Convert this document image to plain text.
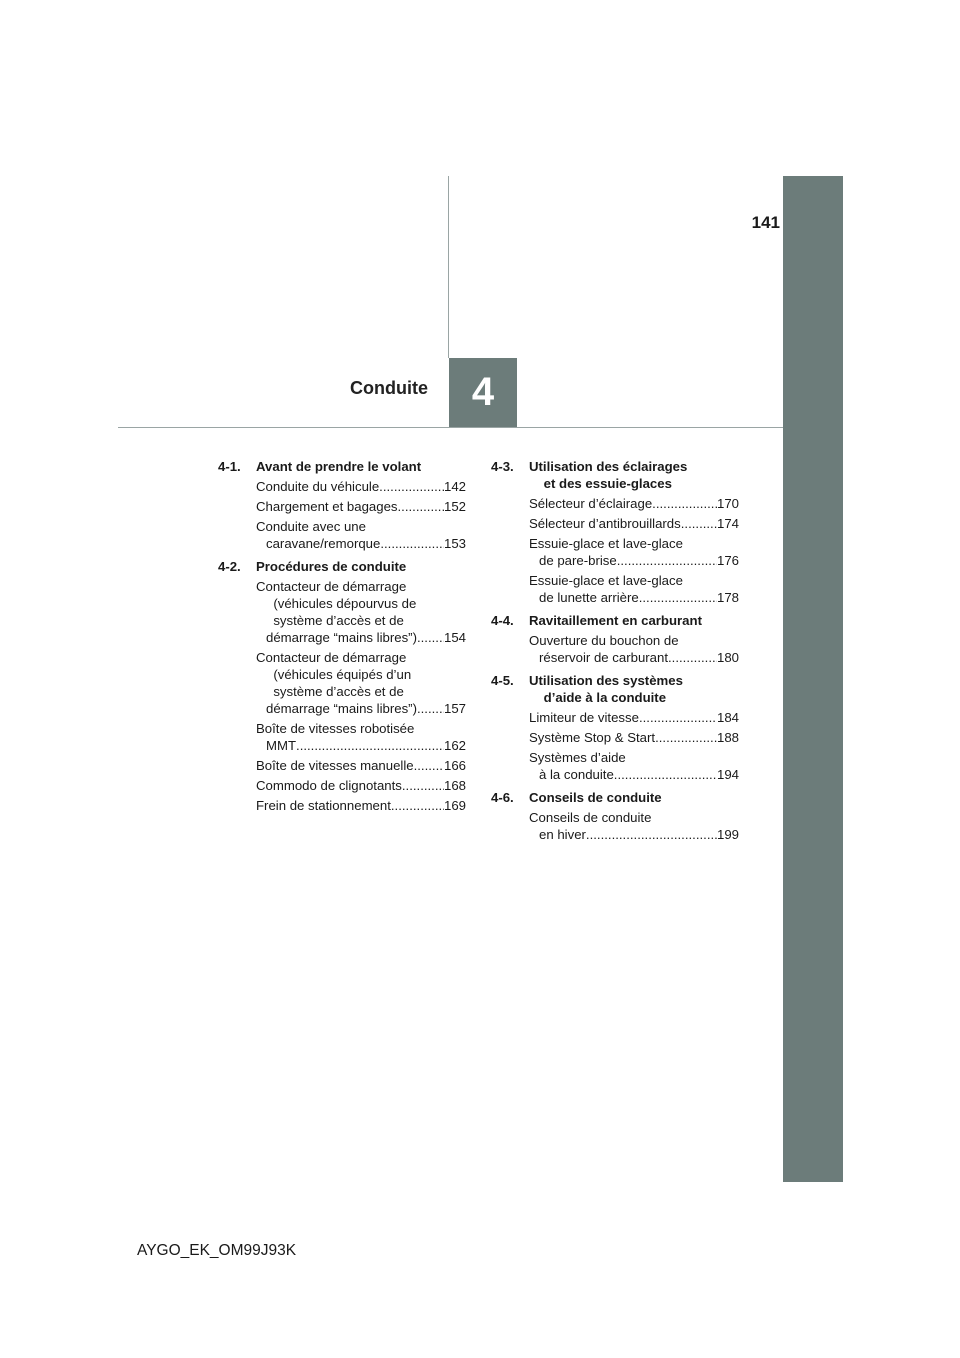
141
Conduite 4
4-1.	Avant de prendre le volant
Conduite du véhicule .....	142
Chargement et bagages .....	152
Conduite avec une
caravane/remorque .....	153
4-2.	Procédures de conduite
Contacteur de démarrage
(véhicules dépourvus de
système d’accès et de
démarrage “mains libres”) ..... 154
Contacteur de démarrage
(véhicules équipés d’un
système d’accès et de
démarrage “mains libres”) ..... 157
Boîte de vitesses robotisée
MMT .....	162
Boîte de vitesses manuelle ..... 166
Commodo de clignotants .....	168
Frein de stationnement .....	169
4-3.	Utilisation des éclairages
et des essuie-glaces
Sélecteur d’éclairage .....	170
Sélecteur d’antibrouillards .....	174
Essuie-glace et lave-glace
de pare-brise .....	176
Essuie-glace et lave-glace
de lunette arrière .....	178
4-4.	Ravitaillement en carburant
Ouverture du bouchon de
réservoir de carburant .....	180
4-5.	Utilisation des systèmes
d’aide à la conduite
Limiteur de vitesse .....	184
Système Stop & Start .....	188
Systèmes d’aide
à la conduite .....	194
4-6.	Conseils de conduite
Conseils de conduite
en hiver .....	199
AYGO_EK_OM99J93K
